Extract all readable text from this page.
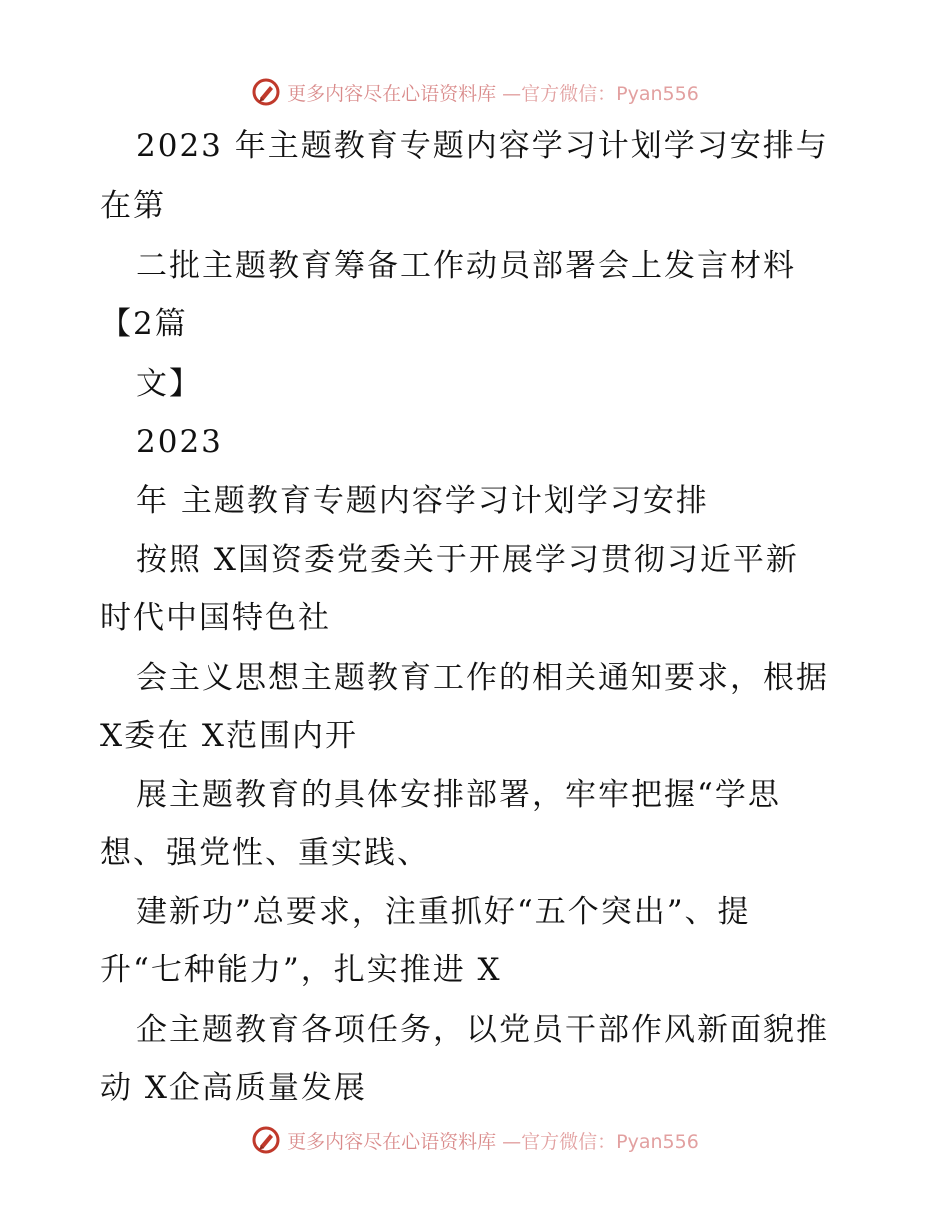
更多内容尽在心语资料库 —官方微信：Pyan556
2023 年主题教育专题内容学习计划学习安排与
在第
二批主题教育筹备工作动员部署会上发言材料
【2篇
文】
2023
年 主题教育专题内容学习计划学习安排
按照 X国资委党委关于开展学习贯彻习近平新
时代中国特色社
会主义思想主题教育工作的相关通知要求，根据
X委在 X范围内开
展主题教育的具体安排部署，牢牢把握“学思
想、强党性、重实践、
建新功”总要求，注重抓好“五个突出”、提
升“七种能力”，扎实推进 X
企主题教育各项任务，以党员干部作风新面貌推
动 X企高质量发展
更多内容尽在心语资料库 —官方微信：Pyan556
